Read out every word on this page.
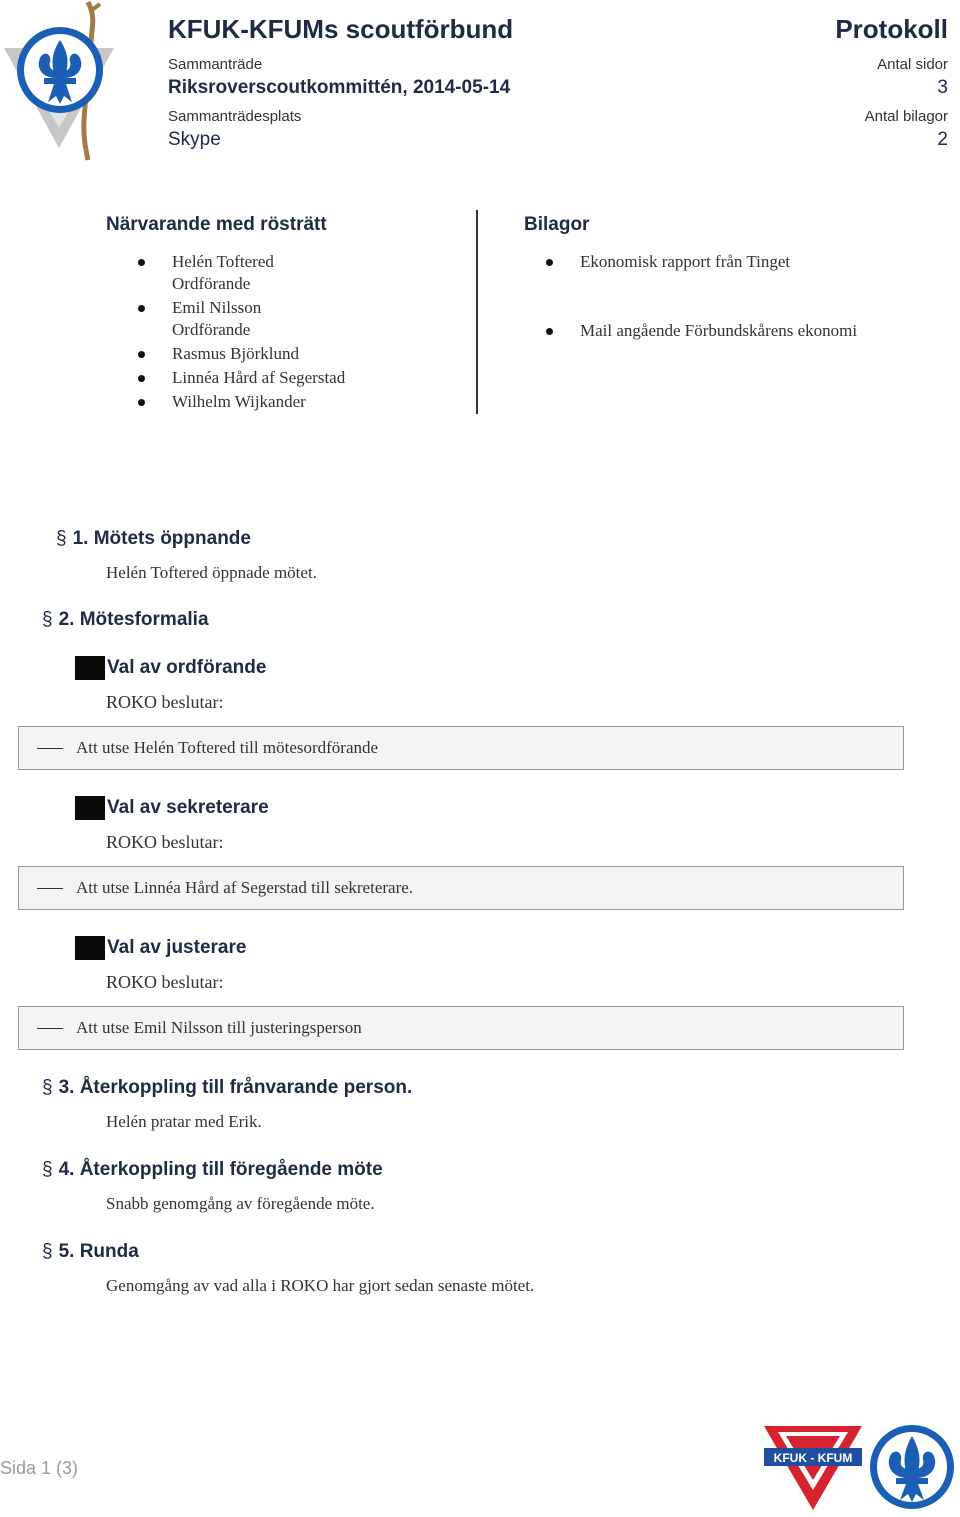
KFUK-KFUMs scoutförbund	Protokoll
Sammanträde
Riksroverscoutkommittén, 2014-05-14
Sammanträdesplats
Skype
Antal sidor
3
Antal bilagor
2
Närvarande med rösträtt
Helén Toftered
Ordförande
Emil Nilsson
Ordförande
Rasmus Björklund
Linnéa Hård af Segerstad
Wilhelm Wijkander
Bilagor
Ekonomisk rapport från Tinget
Mail angående Förbundskårens ekonomi
§ 1. Mötets öppnande
Helén Toftered öppnade mötet.
§ 2. Mötesformalia
Val av ordförande
ROKO beslutar:
Att utse Helén Toftered till mötesordförande
Val av sekreterare
ROKO beslutar:
Att utse Linnéa Hård af Segerstad till sekreterare.
Val av justerare
ROKO beslutar:
Att utse Emil Nilsson till justeringsperson
§ 3. Återkoppling till frånvarande person.
Helén pratar med Erik.
§ 4. Återkoppling till föregående möte
Snabb genomgång av föregående möte.
§ 5. Runda
Genomgång av vad alla i ROKO har gjort sedan senaste mötet.
Sida 1 (3)	KFUK - KFUM
